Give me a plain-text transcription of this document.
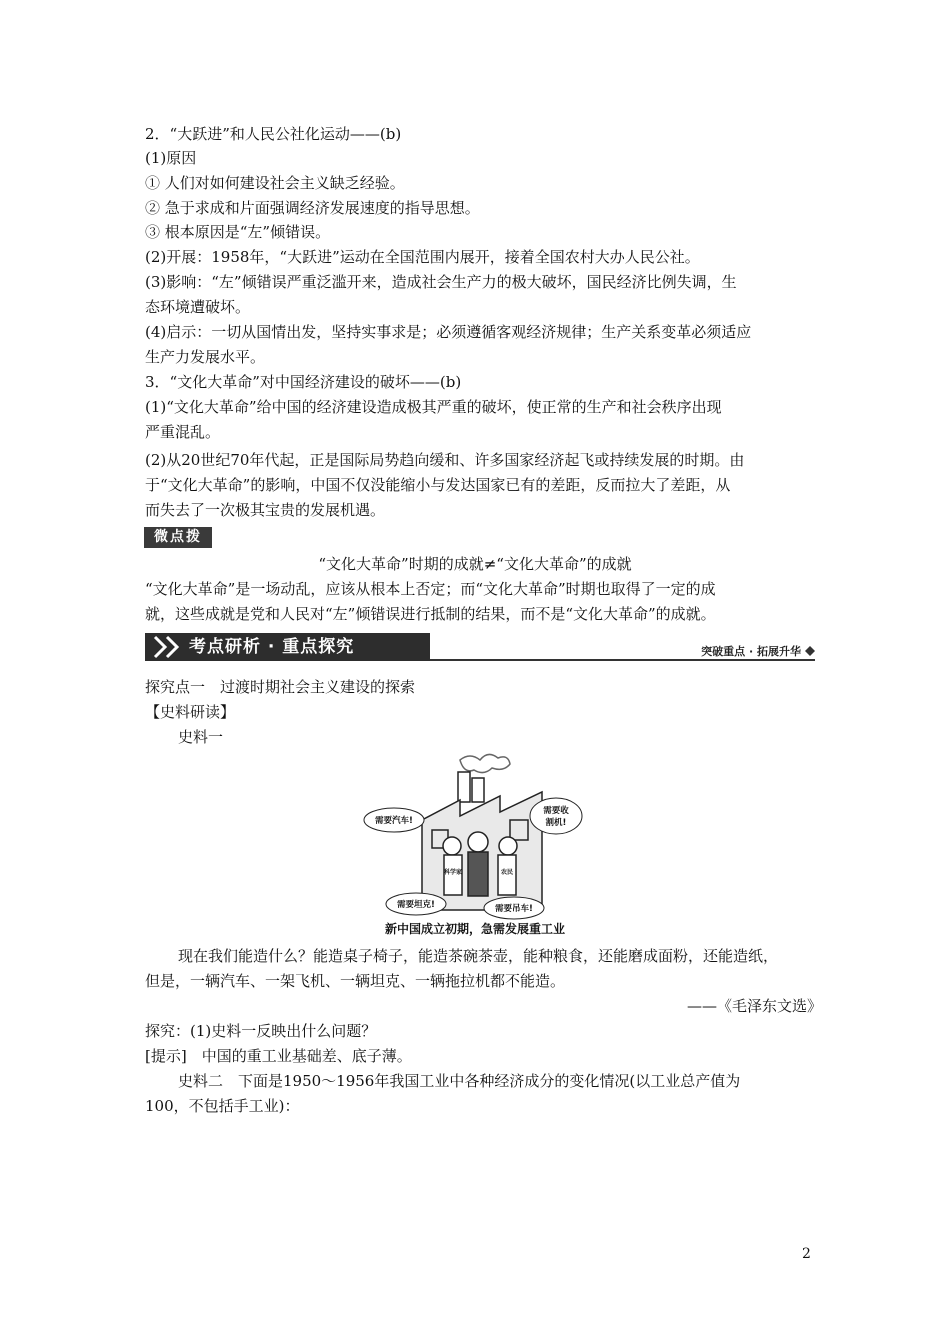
2．“大跃进”和人民公社化运动——(b)
(1)原因
① 人们对如何建设社会主义缺乏经验。
② 急于求成和片面强调经济发展速度的指导思想。
③ 根本原因是“左”倾错误。
(2)开展：1958年，“大跃进”运动在全国范围内展开，接着全国农村大办人民公社。
(3)影响：“左”倾错误严重泛滥开来，造成社会生产力的极大破坏，国民经济比例失调，生
态环境遭破坏。
(4)启示：一切从国情出发，坚持实事求是；必须遵循客观经济规律；生产关系变革必须适应
生产力发展水平。
3．“文化大革命”对中国经济建设的破坏——(b)
(1)“文化大革命”给中国的经济建设造成极其严重的破坏，使正常的生产和社会秩序出现
严重混乱。
(2)从20世纪70年代起，正是国际局势趋向缓和、许多国家经济起飞或持续发展的时期。由
于“文化大革命”的影响，中国不仅没能缩小与发达国家已有的差距，反而拉大了差距，从
而失去了一次极其宝贵的发展机遇。
微点拨
“文化大革命”时期的成就≠“文化大革命”的成就
“文化大革命”是一场动乱，应该从根本上否定；而“文化大革命”时期也取得了一定的成
就，这些成就是党和人民对“左”倾错误进行抵制的结果，而不是“文化大革命”的成就。
考点研析 · 重点探究	突破重点 · 拓展升华
探究点一　过渡时期社会主义建设的探索
【史料研读】
史料一
需要汽车!
需要收
割机!
需要坦克!	需要吊车!
科学家	农民
新中国成立初期，急需发展重工业
现在我们能造什么？能造桌子椅子，能造茶碗茶壶，能种粮食，还能磨成面粉，还能造纸，
但是，一辆汽车、一架飞机、一辆坦克、一辆拖拉机都不能造。
——《毛泽东文选》
探究：(1)史料一反映出什么问题？
[提示]　中国的重工业基础差、底子薄。
史料二　下面是1950～1956年我国工业中各种经济成分的变化情况(以工业总产值为
100，不包括手工业)：
2
